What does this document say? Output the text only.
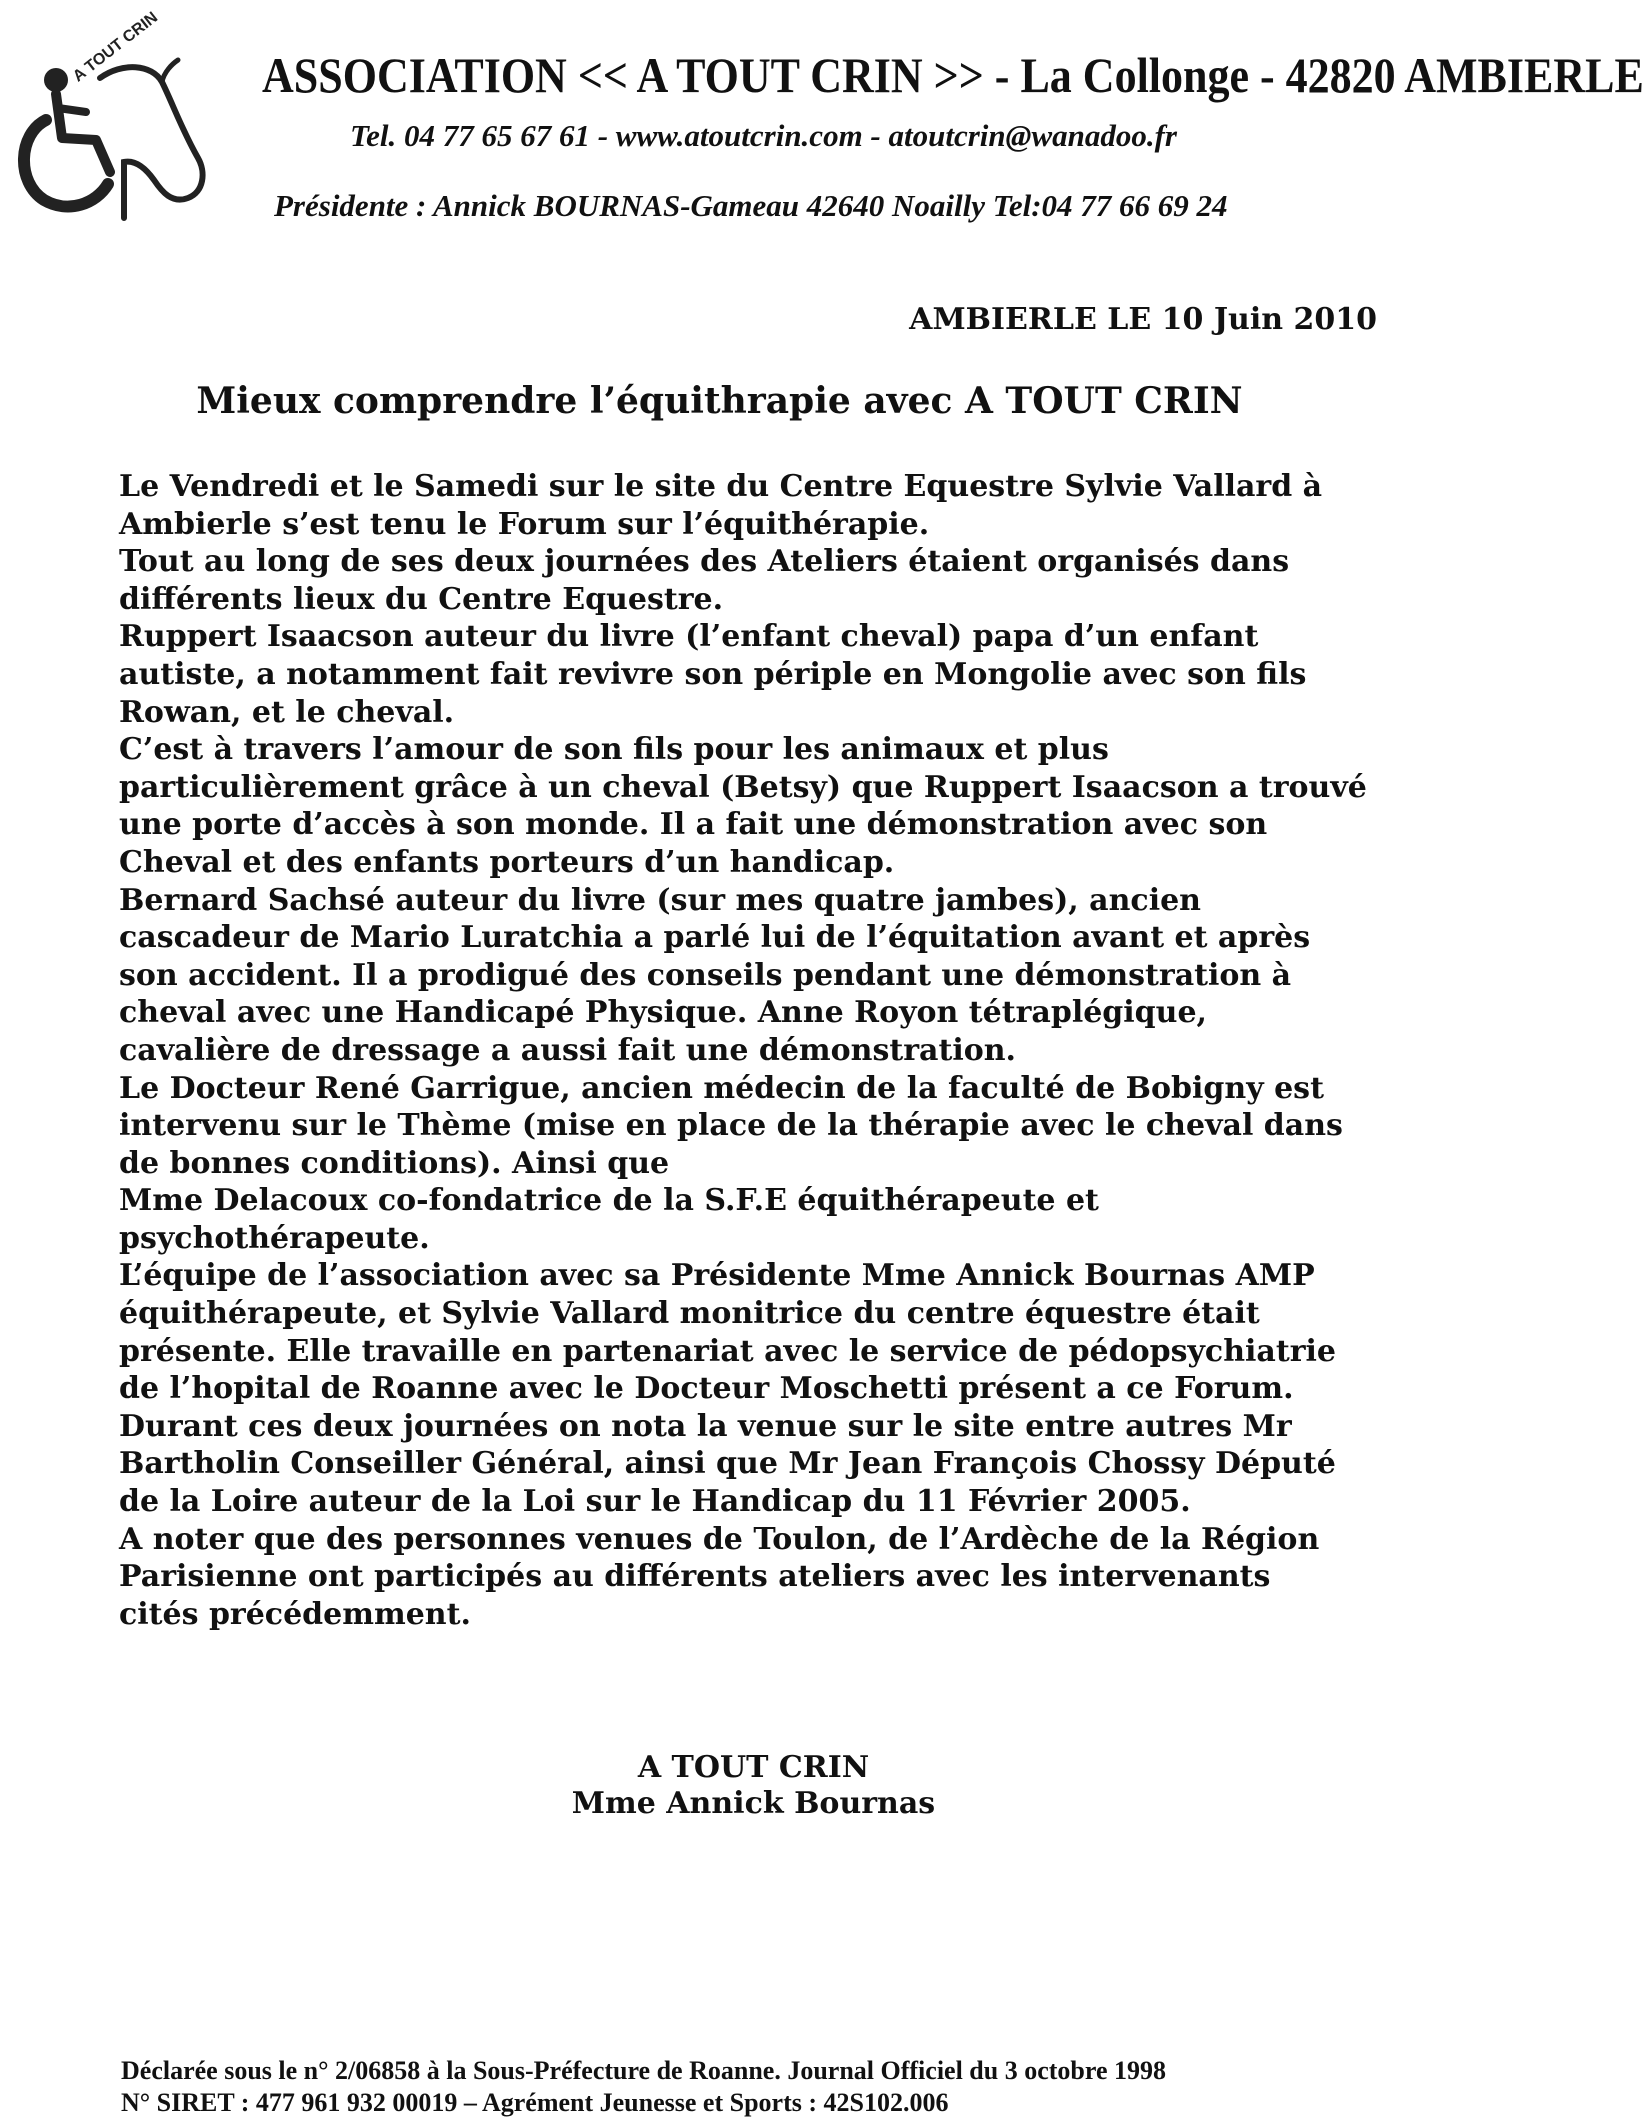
A TOUT CRIN ASSOCIATION << A TOUT CRIN >> - La Collonge - 42820 AMBIERLE
Tel. 04 77 65 67 61 - www.atoutcrin.com - atoutcrin@wanadoo.fr
Présidente : Annick BOURNAS-Gameau 42640 Noailly Tel:04 77 66 69 24
AMBIERLE LE 10 Juin 2010
Mieux comprendre l’équithrapie avec A TOUT CRIN
Le Vendredi et le Samedi sur le site du Centre Equestre Sylvie Vallard à
Ambierle s’est tenu le Forum sur l’équithérapie.
Tout au long de ses deux journées des Ateliers étaient organisés dans
différents lieux du Centre Equestre.
Ruppert Isaacson auteur du livre (l’enfant cheval) papa d’un enfant
autiste, a notamment fait revivre son périple en Mongolie avec son fils
Rowan, et le cheval.
C’est à travers l’amour de son fils pour les animaux et plus
particulièrement grâce à un cheval (Betsy) que Ruppert Isaacson a trouvé
une porte d’accès à son monde. Il a fait une démonstration avec son
Cheval et des enfants porteurs d’un handicap.
Bernard Sachsé auteur du livre (sur mes quatre jambes), ancien
cascadeur de Mario Luratchia a parlé lui de l’équitation avant et après
son accident. Il a prodigué des conseils pendant une démonstration à
cheval avec une Handicapé Physique. Anne Royon tétraplégique,
cavalière de dressage a aussi fait une démonstration.
Le Docteur René Garrigue, ancien médecin de la faculté de Bobigny est
intervenu sur le Thème (mise en place de la thérapie avec le cheval dans
de bonnes conditions). Ainsi que
Mme Delacoux co-fondatrice de la S.F.E équithérapeute et
psychothérapeute.
L’équipe de l’association avec sa Présidente Mme Annick Bournas AMP
équithérapeute, et Sylvie Vallard monitrice du centre équestre était
présente. Elle travaille en partenariat avec le service de pédopsychiatrie
de l’hopital de Roanne avec le Docteur Moschetti présent a ce Forum.
Durant ces deux journées on nota la venue sur le site entre autres Mr
Bartholin Conseiller Général, ainsi que Mr Jean François Chossy Député
de la Loire auteur de la Loi sur le Handicap du 11 Février 2005.
A noter que des personnes venues de Toulon, de l’Ardèche de la Région
Parisienne ont participés au différents ateliers avec les intervenants
cités précédemment.
A TOUT CRIN
Mme Annick Bournas
Déclarée sous le n° 2/06858 à la Sous-Préfecture de Roanne. Journal Officiel du 3 octobre 1998
N° SIRET : 477 961 932 00019 – Agrément Jeunesse et Sports : 42S102.006
